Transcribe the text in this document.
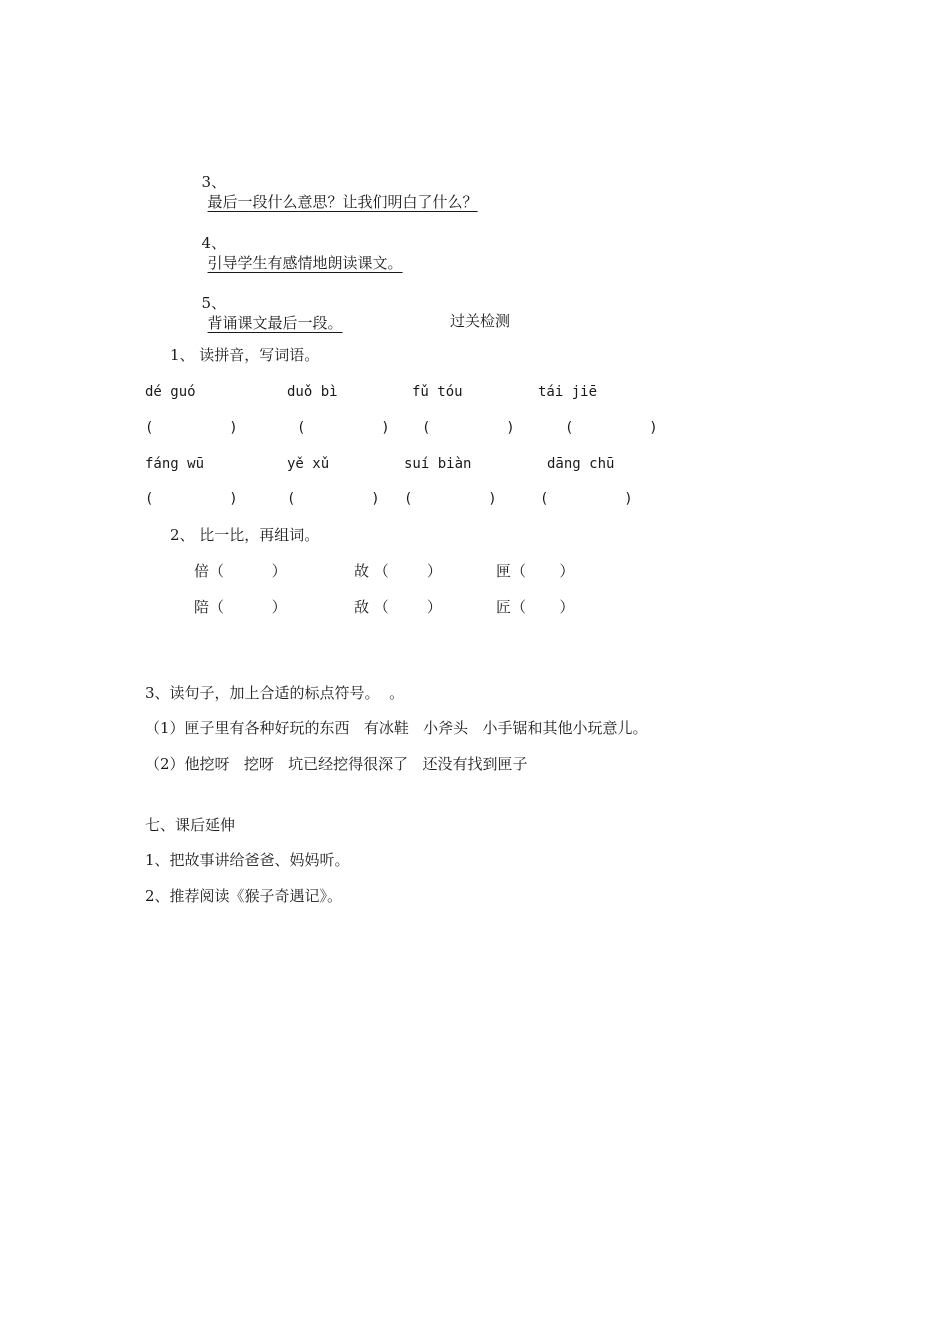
3、
最后一段什么意思？让我们明白了什么？

4、
引导学生有感情地朗读课文。

5、
背诵课文最后一段。	过关检测
1、 读拼音，写词语。
dé guó	duǒ bì	fǔ tóu	tái jiē
(         )	(         ) (         )	(         )
fáng wū	yě xǔ	suí biàn	dāng chū
(         )	(         ) (         )	(         )
2、 比一比，再组词。
倍（          ）	故 （        ）	匣（       ）
陪（          ）	敌 （        ）	匠（       ）
3、读句子，加上合适的标点符号。  。
（1）匣子里有各种好玩的东西   有冰鞋   小斧头   小手锯和其他小玩意儿。
（2）他挖呀   挖呀   坑已经挖得很深了   还没有找到匣子
七、课后延伸
1、把故事讲给爸爸、妈妈听。
2、推荐阅读《猴子奇遇记》。
